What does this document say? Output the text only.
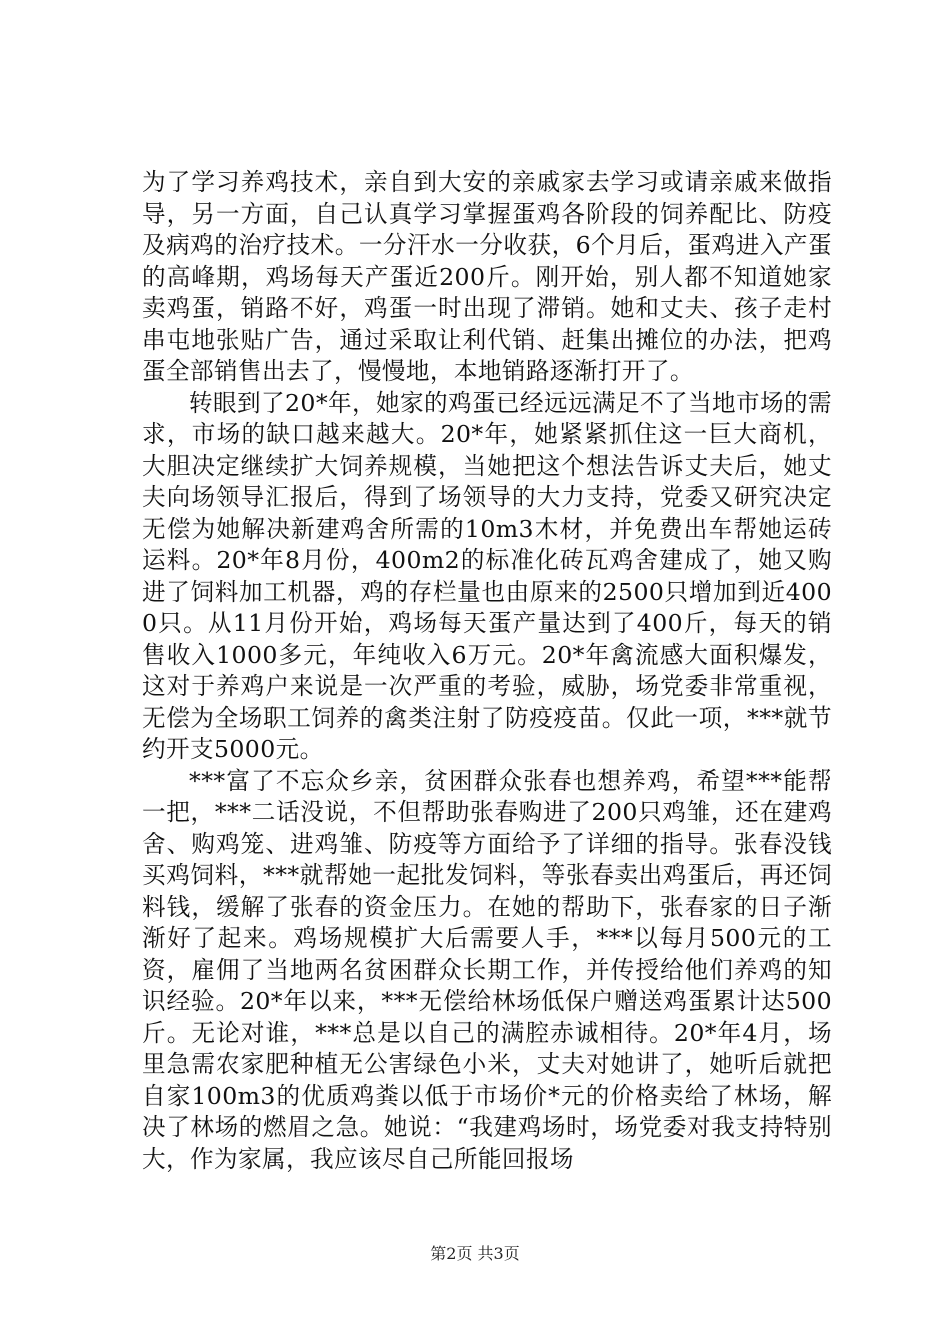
为了学习养鸡技术，亲自到大安的亲戚家去学习或请亲戚来做指导，另一方面，自己认真学习掌握蛋鸡各阶段的饲养配比、防疫及病鸡的治疗技术。一分汗水一分收获，6个月后，蛋鸡进入产蛋的高峰期，鸡场每天产蛋近200斤。刚开始，别人都不知道她家卖鸡蛋，销路不好，鸡蛋一时出现了滞销。她和丈夫、孩子走村串屯地张贴广告，通过采取让利代销、赶集出摊位的办法，把鸡蛋全部销售出去了，慢慢地，本地销路逐渐打开了。

转眼到了20*年，她家的鸡蛋已经远远满足不了当地市场的需求，市场的缺口越来越大。20*年，她紧紧抓住这一巨大商机，大胆决定继续扩大饲养规模，当她把这个想法告诉丈夫后，她丈夫向场领导汇报后，得到了场领导的大力支持，党委又研究决定无偿为她解决新建鸡舍所需的10m3木材，并免费出车帮她运砖运料。20*年8月份，400m2的标准化砖瓦鸡舍建成了，她又购进了饲料加工机器，鸡的存栏量也由原来的2500只增加到近4000只。从11月份开始，鸡场每天蛋产量达到了400斤，每天的销售收入1000多元，年纯收入6万元。20*年禽流感大面积爆发，这对于养鸡户来说是一次严重的考验，威胁，场党委非常重视，无偿为全场职工饲养的禽类注射了防疫疫苗。仅此一项，***就节约开支5000元。

***富了不忘众乡亲，贫困群众张春也想养鸡，希望***能帮一把，***二话没说，不但帮助张春购进了200只鸡雏，还在建鸡舍、购鸡笼、进鸡雏、防疫等方面给予了详细的指导。张春没钱买鸡饲料，***就帮她一起批发饲料，等张春卖出鸡蛋后，再还饲料钱，缓解了张春的资金压力。在她的帮助下，张春家的日子渐渐好了起来。鸡场规模扩大后需要人手，***以每月500元的工资，雇佣了当地两名贫困群众长期工作，并传授给他们养鸡的知识经验。20*年以来，***无偿给林场低保户赠送鸡蛋累计达500斤。无论对谁，***总是以自己的满腔赤诚相待。20*年4月，场里急需农家肥种植无公害绿色小米，丈夫对她讲了，她听后就把自家100m3的优质鸡粪以低于市场价*元的价格卖给了林场，解决了林场的燃眉之急。她说：“我建鸡场时，场党委对我支持特别大，作为家属，我应该尽自己所能回报场

第2页 共3页
